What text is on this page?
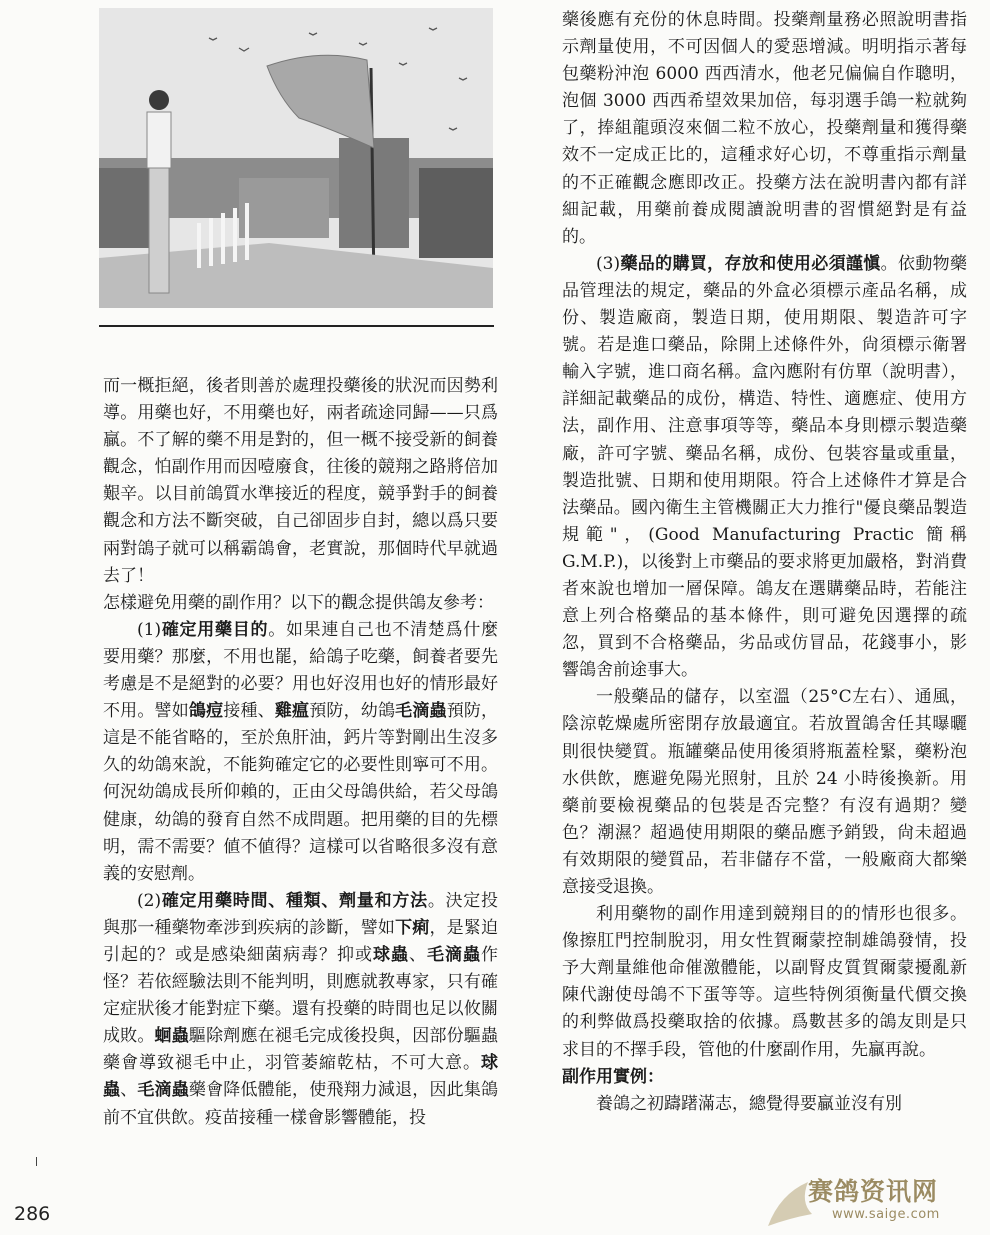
而一概拒絕，後者則善於處理投藥後的狀況而因勢利導。用藥也好，不用藥也好，兩者疏途同歸——只爲贏。不了解的藥不用是對的，但一概不接受新的飼養觀念，怕副作用而因噎廢食，往後的競翔之路將倍加艱辛。以目前鴿質水準接近的程度，競爭對手的飼養觀念和方法不斷突破，自己卻固步自封，總以爲只要兩對鴿子就可以稱霸鴿會，老實說，那個時代早就過去了！

怎樣避免用藥的副作用？以下的觀念提供鴿友參考：

(1)確定用藥目的。如果連自己也不清楚爲什麼要用藥？那麼，不用也罷，給鴿子吃藥，飼養者要先考慮是不是絕對的必要？用也好沒用也好的情形最好不用。譬如鴿痘接種、雞瘟預防，幼鴿毛滴蟲預防，這是不能省略的，至於魚肝油，鈣片等對剛出生沒多久的幼鴿來說，不能夠確定它的必要性則寧可不用。何況幼鴿成長所仰賴的，正由父母鴿供給，若父母鴿健康，幼鴿的發育自然不成問題。把用藥的目的先標明，需不需要？値不値得？這樣可以省略很多沒有意義的安慰劑。

(2)確定用藥時間、種類、劑量和方法。決定投與那一種藥物牽涉到疾病的診斷，譬如下痢，是緊迫引起的？或是感染細菌病毒？抑或球蟲、毛滴蟲作怪？若依經驗法則不能判明，則應就教專家，只有確定症狀後才能對症下藥。還有投藥的時間也足以攸關成敗。蛔蟲驅除劑應在褪毛完成後投與，因部份驅蟲藥會導致褪毛中止，羽管萎縮乾枯，不可大意。球蟲、毛滴蟲藥會降低體能，使飛翔力減退，因此集鴿前不宜供飲。疫苗接種一樣會影響體能，投

藥後應有充份的休息時間。投藥劑量務必照說明書指示劑量使用，不可因個人的愛惡增減。明明指示著每包藥粉沖泡 6000 西西清水，他老兄偏偏自作聰明，泡個 3000 西西希望效果加倍，每羽選手鴿一粒就夠了，捧組龍頭沒來個二粒不放心，投藥劑量和獲得藥效不一定成正比的，這種求好心切，不尊重指示劑量的不正確觀念應即改正。投藥方法在說明書內都有詳細記載，用藥前養成閱讀說明書的習慣絕對是有益的。

(3)藥品的購買，存放和使用必須謹愼。依動物藥品管理法的規定，藥品的外盒必須標示產品名稱，成份、製造廠商，製造日期，使用期限、製造許可字號。若是進口藥品，除開上述條件外，尙須標示衛署輸入字號，進口商名稱。盒內應附有仿單（說明書），詳細記載藥品的成份，構造、特性、適應症、使用方法，副作用、注意事項等等，藥品本身則標示製造藥廠，許可字號、藥品名稱，成份、包裝容量或重量，製造批號、日期和使用期限。符合上述條件才算是合法藥品。國內衛生主管機關正大力推行"優良藥品製造規範"，(Good Manufacturing Practic 簡稱 G.M.P.)，以後對上市藥品的要求將更加嚴格，對消費者來說也增加一層保障。鴿友在選購藥品時，若能注意上列合格藥品的基本條件，則可避免因選擇的疏忽，買到不合格藥品，劣品或仿冒品，花錢事小，影響鴿舍前途事大。

一般藥品的儲存，以室溫（25°C左右）、通風，陰涼乾燥處所密閉存放最適宜。若放置鴿舍任其曝曬則很快變質。瓶罐藥品使用後須將瓶蓋栓緊，藥粉泡水供飲，應避免陽光照射，且於 24 小時後換新。用藥前要檢視藥品的包裝是否完整？有沒有過期？變色？潮濕？超過使用期限的藥品應予銷毀，尙未超過有效期限的變質品，若非儲存不當，一般廠商大都樂意接受退換。

利用藥物的副作用達到競翔目的的情形也很多。像擦肛門控制脫羽，用女性賀爾蒙控制雄鴿發情，投予大劑量維他命催激體能，以副腎皮質賀爾蒙擾亂新陳代謝使母鴿不下蛋等等。這些特例須衡量代價交換的利弊做爲投藥取捨的依據。爲數甚多的鴿友則是只求目的不擇手段，管他的什麼副作用，先贏再說。

副作用實例：

養鴿之初躊躇滿志，總覺得要贏並沒有別

286
赛鸽资讯网
www.saige.com
